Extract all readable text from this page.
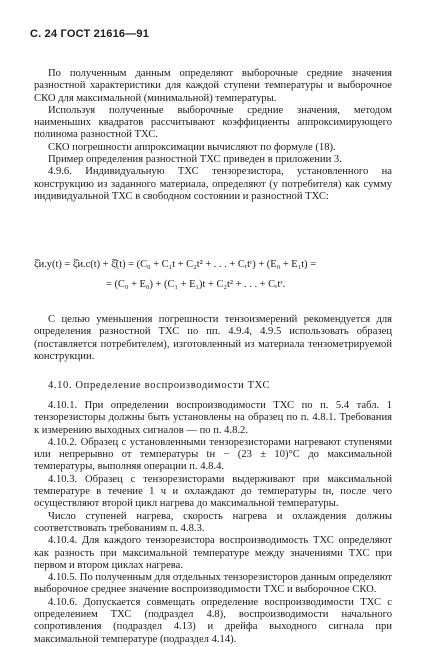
С. 24 ГОСТ 21616—91

По полученным данным определяют выборочные средние значения разностной характеристики для каждой ступени температуры и выборочное СКО для максимальной (минимальной) температуры.

Используя полученные выборочные средние значения, методом наименьших квадратов рассчитывают коэффициенты аппроксимирующего полинома разностной ТХС.

СКО погрешности аппроксимации вычисляют по формуле (18).

Пример определения разностной ТХС приведен в приложении 3.

4.9.6. Индивидуальную ТХС тензорезистора, установленного на конструкцию из заданного материала, определяют (у потребителя) как сумму индивидуальной ТХС в свободном состоянии и разностной ТХС:

ξ̂и.у(t) = ξ̂и.с(t) + ξ̂̂(t) = (C₀ + C₁t + C₂t² + . . . + Cᵣtʳ) + (E₀ + E₁t) =
= (C₀ + E₀) + (C₁ + E₁)t + C₂t² + . . . + Cᵣtʳ.

С целью уменьшения погрешности тензоизмерений рекомендуется для определения разностной ТХС по пп. 4.9.4, 4.9.5 использовать образец (поставляется потребителем), изготовленный из материала тензометрируемой конструкции.

4.10. Определение воспроизводимости ТХС

4.10.1. При определении воспроизводимости ТХС по п. 5.4 табл. 1 тензорезисторы должны быть установлены на образец по п. 4.8.1. Требования к измерению выходных сигналов — по п. 4.8.2.

4.10.2. Образец с установленными тензорезисторами нагревают ступенями или непрерывно от температуры tн − (23 ± 10)°С до максимальной температуры, выполняя операции п. 4.8.4.

4.10.3. Образец с тензорезисторами выдерживают при максимальной температуре в течение 1 ч и охлаждают до температуры tн, после чего осуществляют второй цикл нагрева до максимальной температуры.

Число ступеней нагрева, скорость нагрева и охлаждения должны соответствовать требованиям п. 4.8.3.

4.10.4. Для каждого тензорезистора воспроизводимость ТХС определяют как разность при максимальной температуре между значениями ТХС при первом и втором циклах нагрева.

4.10.5. По полученным для отдельных тензорезисторов данным определяют выборочное среднее значение воспроизводимости ТХС и выборочное СКО.

4.10.6. Допускается совмещать определение воспроизводимости ТХС с определением ТХС (подраздел 4.8), воспроизводимости начального сопротивления (подраздел 4.13) и дрейфа выходного сигнала при максимальной температуре (подраздел 4.14).
